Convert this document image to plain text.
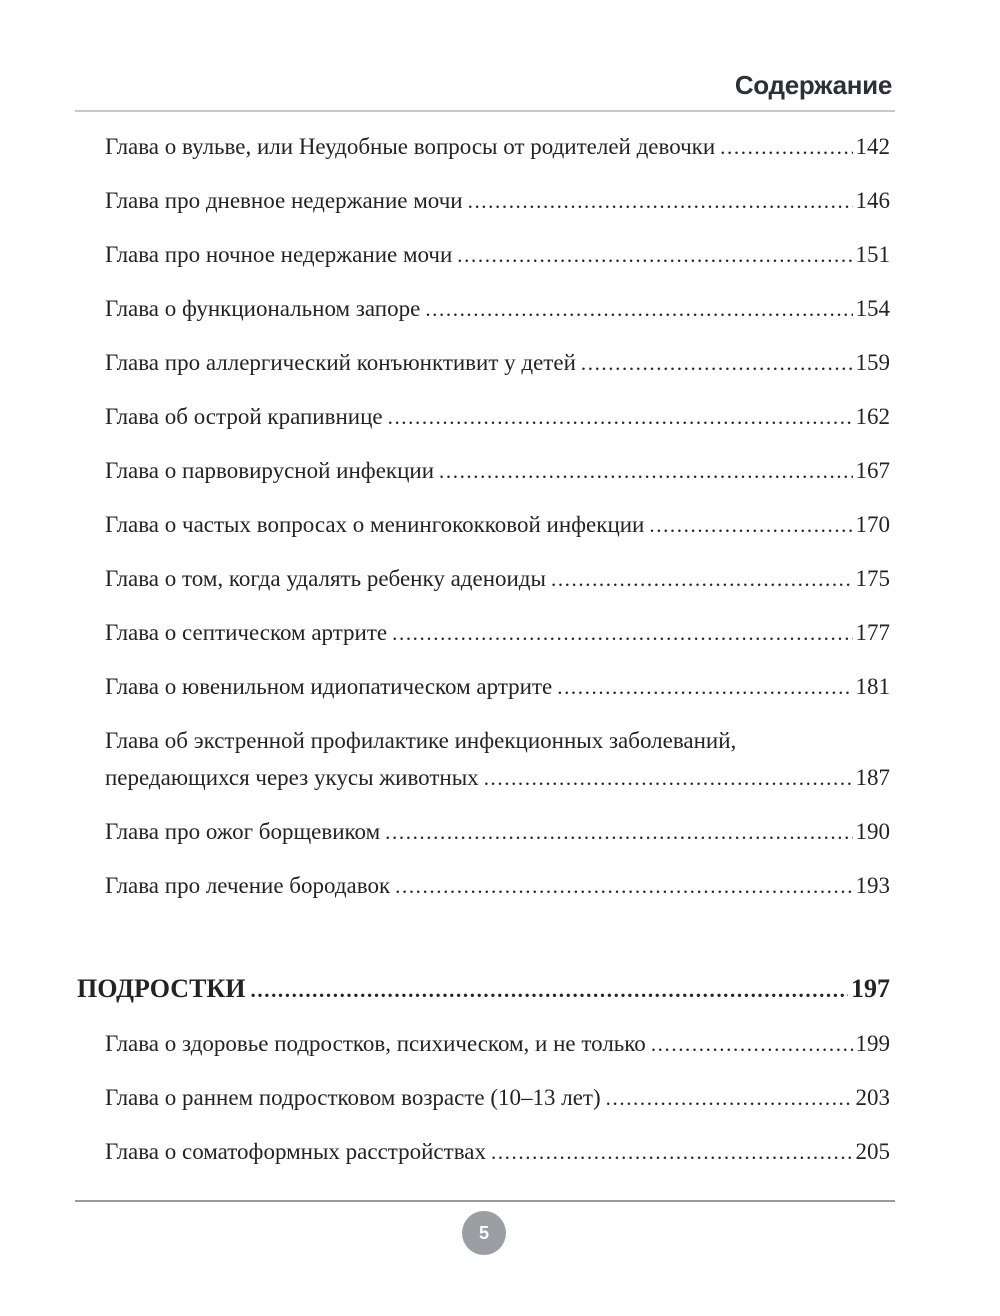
Содержание
Глава о вульве, или Неудобные вопросы от родителей девочки .....	142
Глава про дневное недержание мочи .....	146
Глава про ночное недержание мочи .....	151
Глава о функциональном запоре .....	154
Глава про аллергический конъюнктивит у детей .....	159
Глава об острой крапивнице .....	162
Глава о парвовирусной инфекции .....	167
Глава о частых вопросах о менингококковой инфекции .....	170
Глава о том, когда удалять ребенку аденоиды .....	175
Глава о септическом артрите .....	177
Глава о ювенильном идиопатическом артрите .....	181
Глава об экстренной профилактике инфекционных заболеваний,
передающихся через укусы животных .....	187
Глава про ожог борщевиком .....	190
Глава про лечение бородавок .....	193
ПОДРОСТКИ .....	197
Глава о здоровье подростков, психическом, и не только .....	199
Глава о раннем подростковом возрасте (10–13 лет) .....	203
Глава о соматоформных расстройствах .....	205
5
